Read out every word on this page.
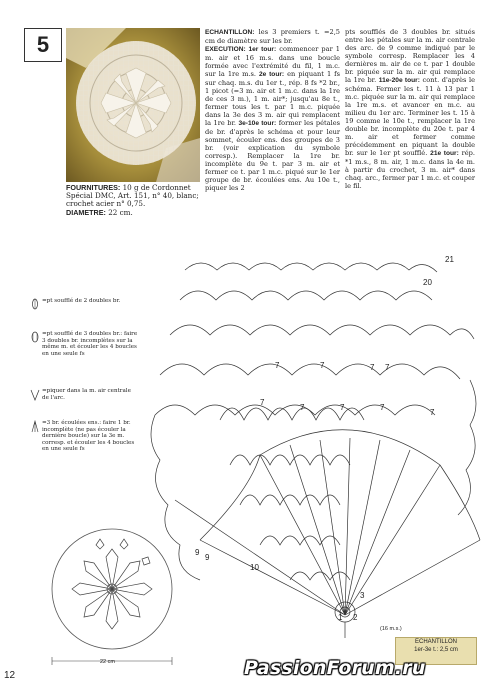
5
FOURNITURES: 10 g de Cordonnet Spécial DMC, Art. 151, n° 40, blanc; crochet acier n° 0,75.
DIAMETRE: 22 cm.
ECHANTILLON: les 3 premiers t. =2,5 cm de diamètre sur les br.
EXECUTION: 1er tour: commencer par 1 m. air et 16 m.s. dans une boucle formée avec l'extrémité du fil, 1 m.c. sur la 1re m.s. 2e tour: en piquant 1 fs sur chaq. m.s. du 1er t., rép. 8 fs *2 br., 1 picot (=3 m. air et 1 m.c. dans la 1re de ces 3 m.), 1 m. air*; jusqu'au 8e t., fermer tous les t. par 1 m.c. piquée dans la 3e des 3 m. air qui remplacent la 1re br. 3e-10e tour: former les pétales de br. d'après le schéma et pour leur sommet, écouler ens. des groupes de 3 br. (voir explication du symbole corresp.). Remplacer la 1re br. incomplète du 9e t. par 3 m. air et fermer ce t. par 1 m.c. piqué sur le 1er groupe de br. écoulées ens. Au 10e t., piquer les 2
pts soufflés de 3 doubles br. situés entre les pétales sur la m. air centrale des arc. de 9 comme indiqué par le symbole corresp. Remplacer les 4 dernières m. air de ce t. par 1 double br. piquée sur la m. air qui remplace la 1re br. 11e-20e tour: cont. d'après le schéma. Fermer les t. 11 à 13 par 1 m.c. piquée sur la m. air qui remplace la 1re m.s. et avancer en m.c. au milieu du 1er arc. Terminer les t. 15 à 19 comme le 10e t., remplacer la 1re double br. incomplète du 20e t. par 4 m. air et fermer comme précédemment en piquant la double br. sur le 1er pt soufflé. 21e tour: rép. *1 m.s., 8 m. air, 1 m.c. dans la 4e m. à partir du crochet, 3 m. air* dans chaq. arc., fermer par 1 m.c. et couper le fil.
=pt soufflé de 2 doubles br.
=pt soufflé de 3 doubles br.: faire 3 doubles br. incomplètes sur la même m. et écouler les 4 boucles en une seule fs
=piquer dans la m. air centrale de l'arc.
=3 br. écoulées ens.: faire 1 br. incomplète (ne pas écouler la dernière boucle) sur la 3e m. corresp. et écouler les 4 boucles en une seule fs
22 cm
7	7	7
7
7	7	7
7
21
20
7
9
10
3
2
1
9
(16 m.s.)
ECHANTILLON
1er-3e t.: 2,5 cm
12	PassionForum.ru
